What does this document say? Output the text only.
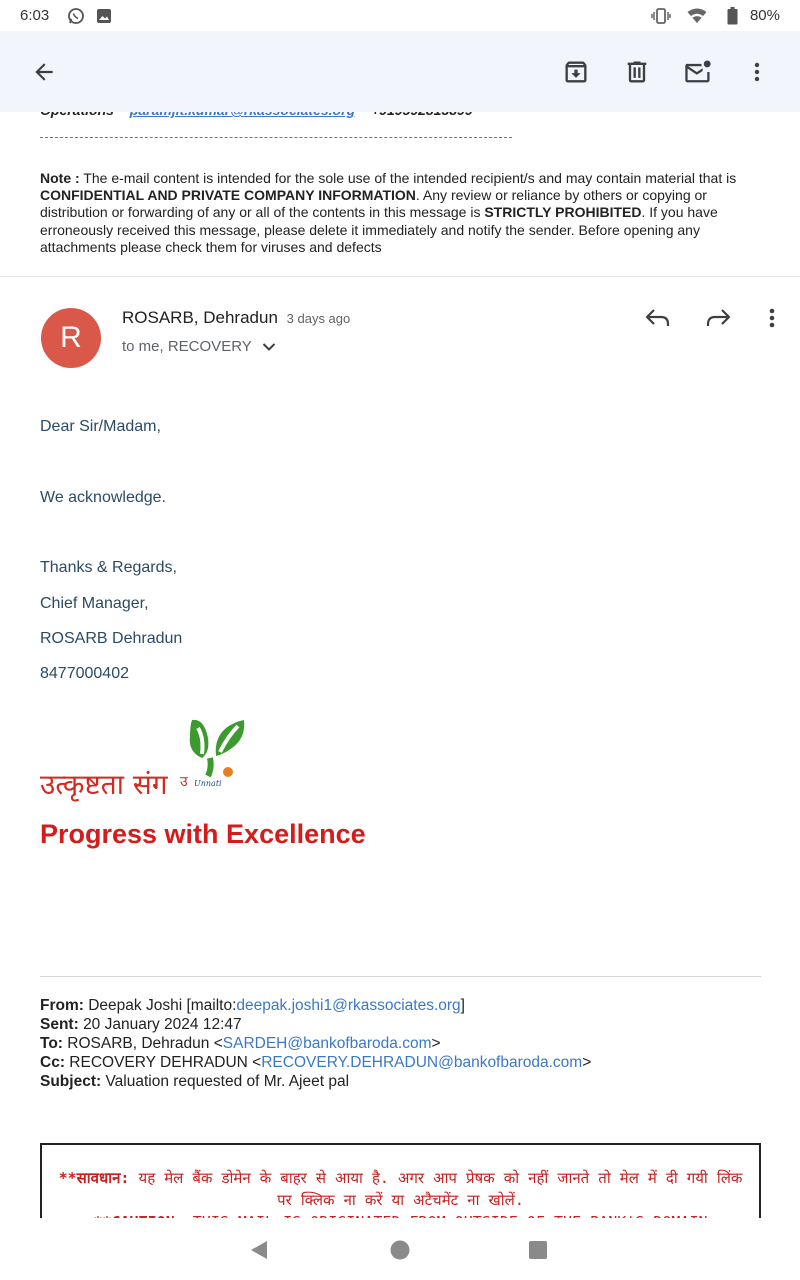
6:03	80%
Note : The e-mail content is intended for the sole use of the intended recipient/s and may contain material that is CONFIDENTIAL AND PRIVATE COMPANY INFORMATION. Any review or reliance by others or copying or distribution or forwarding of any or all of the contents in this message is STRICTLY PROHIBITED. If you have erroneously received this message, please delete it immediately and notify the sender. Before opening any attachments please check them for viruses and defects
R
ROSARB, Dehradun 3 days ago
to me, RECOVERY
Dear Sir/Madam,
We acknowledge.
Thanks & Regards,
Chief Manager,
ROSARB Dehradun
8477000402
उत्कृष्टता संग उ Unnati
Progress with Excellence
From: Deepak Joshi [mailto:deepak.joshi1@rkassociates.org]
Sent: 20 January 2024 12:47
To: ROSARB, Dehradun <SARDEH@bankofbaroda.com>
Cc: RECOVERY DEHRADUN <RECOVERY.DEHRADUN@bankofbaroda.com>
Subject: Valuation requested of Mr. Ajeet pal
**सावधान: यह मेल बैंक डोमेन के बाहर से आया है. अगर आप प्रेषक को नहीं जानते तो मेल में दी गयी लिंक पर क्लिक ना करें या अटैचमेंट ना खोलें.
